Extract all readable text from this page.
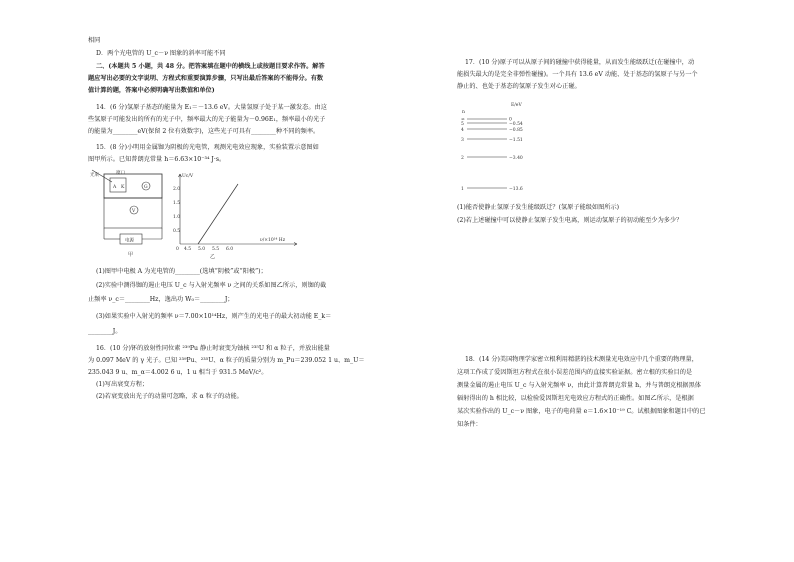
相同
D．两个光电管的 U_c－ν 图象的斜率可能不同
二、(本题共 5 小题，共 48 分。把答案填在题中的横线上或按题目要求作答。解答
题应写出必要的文字说明、方程式和重要演算步骤，只写出最后答案的不能得分。有数
值计算的题，答案中必须明确写出数值和单位)
14．(6 分)氢原子基态的能量为 E₁＝－13.6 eV。大量氢原子处于某一激发态。由这
些氢原子可能发出的所有的光子中，频率最大的光子能量为－0.96E₁，频率最小的光子
的能量为________eV(保留 2 位有效数字)，这些光子可具有________种不同的频率。
15．(8 分)小明用金属铷为阴极的光电管，观测光电效应现象，实验装置示意图如
图甲所示。已知普朗克常量 h＝6.63×10⁻³⁴ J·s。
光束	窗口
A K	G
V
电源
甲
Uc/V
ν/×10¹⁴ Hz
2.0
1.5
1.0
0.5
0 4.5 5.0 5.5 6.0
乙
(1)图甲中电极 A 为光电管的________(选填“阴极”或“阳极”)；
(2)实验中测得铷的遏止电压 U_c 与入射光频率 ν 之间的关系如图乙所示，则铷的截
止频率 ν_c＝________Hz，逸出功 W₀＝________J；
(3)如果实验中入射光的频率 ν＝7.00×10¹⁴Hz，则产生的光电子的最大初动能 E_k＝
________J。
16．(10 分)钚的放射性同位素 ²³⁹Pu 静止时衰变为铀核 ²³⁵U 和 α 粒子，并放出能量
为 0.097 MeV 的 γ 光子。已知 ²³⁹Pu、²³⁵U、α 粒子的质量分别为 m_Pu＝239.052 1 u、m_U＝
235.043 9 u、m_α＝4.002 6 u，1 u 相当于 931.5 MeV/c²。
(1)写出衰变方程；
(2)若衰变放出光子的动量可忽略，求 α 粒子的动能。
17．(10 分)原子可以从原子间的碰撞中获得能量，从而发生能级跃迁(在碰撞中，动
能损失最大的是完全非弹性碰撞)。一个具有 13.6 eV 动能、处于基态的氢原子与另一个
静止的、也处于基态的氢原子发生对心正碰。
n
E/eV
∞	0
5	−0.54
4	−0.85
3	−1.51
2	−3.40
1	−13.6
(1)能否使静止氢原子发生能级跃迁？(氢原子能级如图所示)
(2)若上述碰撞中可以使静止氢原子发生电离，则运动氢原子的初动能至少为多少？
18．(14 分)美国物理学家密立根利用精湛的技术测量光电效应中几个重要的物理量，
这项工作成了爱因斯坦方程式在很小误差范围内的直接实验证据。密立根的实验目的是
测量金属的遏止电压 U_c 与入射光频率 ν，由此计算普朗克常量 h，并与普朗克根据黑体
辐射得出的 h 相比较，以检验爱因斯坦光电效应方程式的正确性。如图乙所示，是根据
某次实验作出的 U_c－ν 图象，电子的电荷量 e＝1.6×10⁻¹⁹ C。试根据图象和题目中的已
知条件：
